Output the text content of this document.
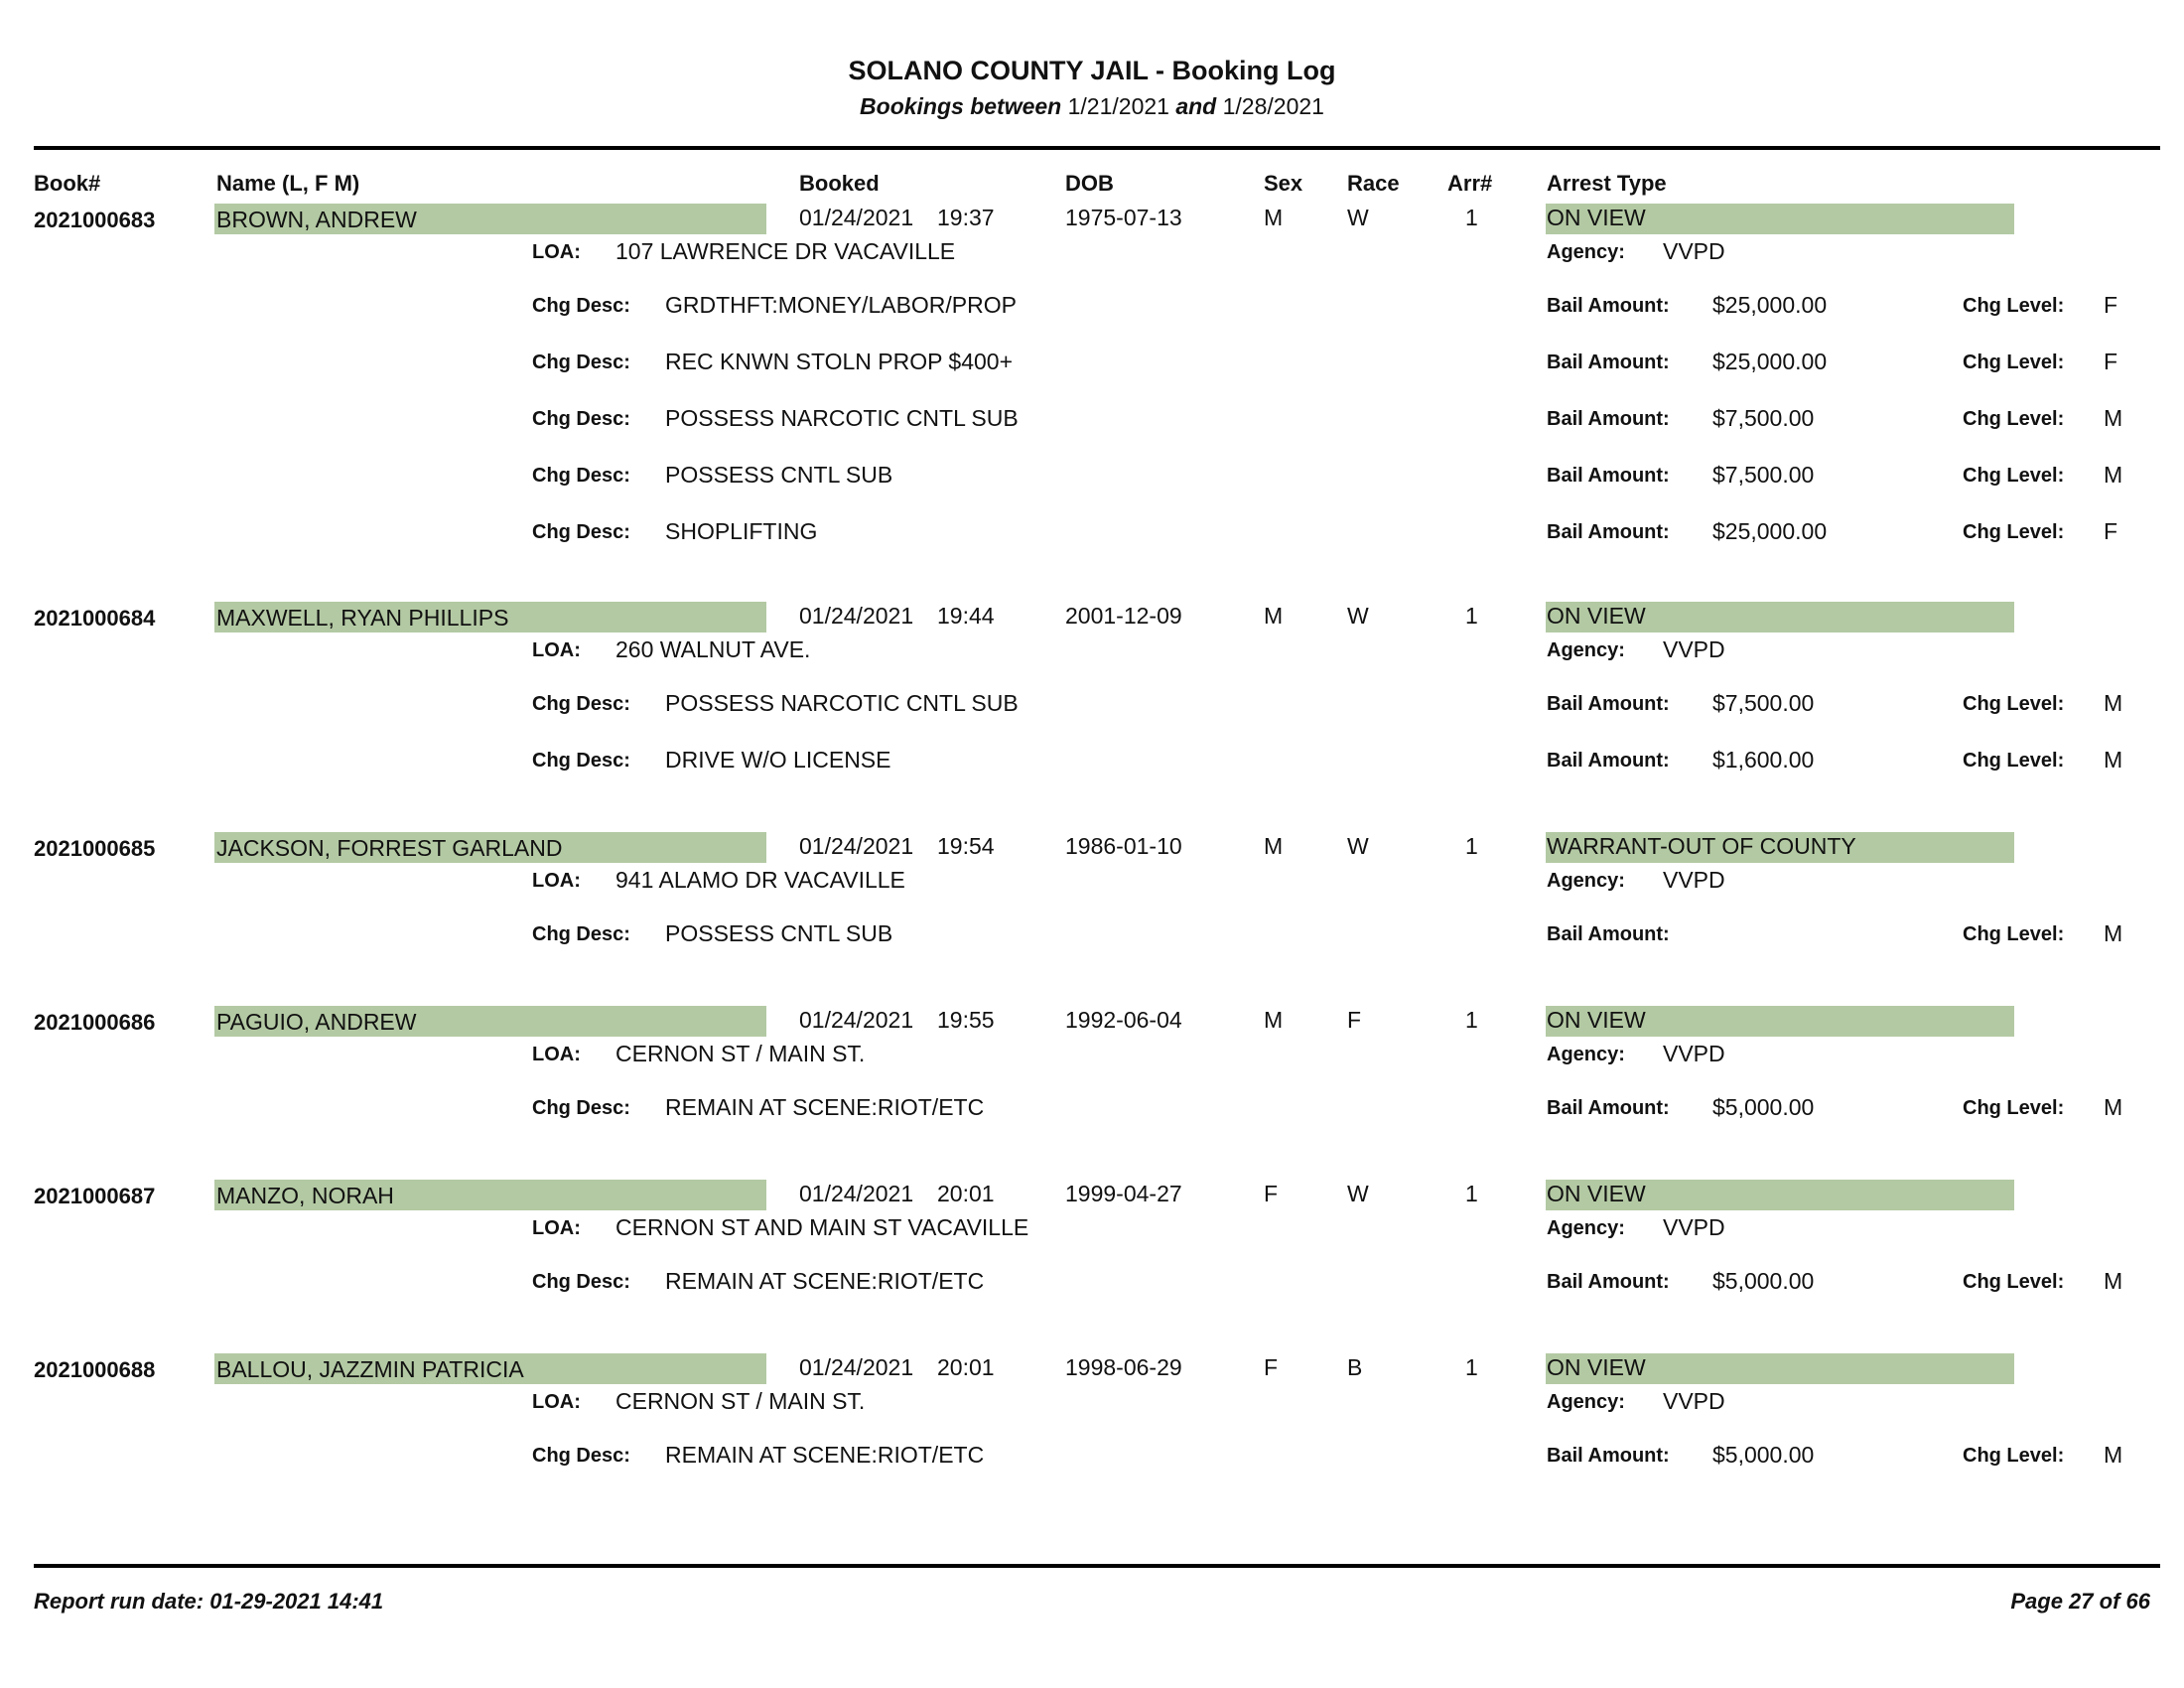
SOLANO COUNTY JAIL - Booking Log
Bookings between 1/21/2021 and 1/28/2021
Book#	Name (L, F M)	Booked	DOB	Sex Race Arr# Arrest Type
2021000683	BROWN, ANDREW	01/24/2021 19:37	1975-07-13	M	W	1	ON VIEW
LOA: 107 LAWRENCE DR VACAVILLE	Agency: VVPD
Chg Desc: GRDTHFT:MONEY/LABOR/PROP	Bail Amount: $25,000.00	Chg Level: F
Chg Desc: REC KNWN STOLN PROP $400+	Bail Amount: $25,000.00	Chg Level: F
Chg Desc: POSSESS NARCOTIC CNTL SUB	Bail Amount: $7,500.00	Chg Level: M
Chg Desc: POSSESS CNTL SUB	Bail Amount: $7,500.00	Chg Level: M
Chg Desc: SHOPLIFTING	Bail Amount: $25,000.00	Chg Level: F
2021000684	MAXWELL, RYAN PHILLIPS	01/24/2021 19:44	2001-12-09	M	W	1	ON VIEW
LOA: 260 WALNUT AVE.	Agency: VVPD
Chg Desc: POSSESS NARCOTIC CNTL SUB	Bail Amount: $7,500.00	Chg Level: M
Chg Desc: DRIVE W/O LICENSE	Bail Amount: $1,600.00	Chg Level: M
2021000685	JACKSON, FORREST GARLAND	01/24/2021 19:54	1986-01-10	M	W	1	WARRANT-OUT OF COUNTY
LOA: 941 ALAMO DR VACAVILLE	Agency: VVPD
Chg Desc: POSSESS CNTL SUB	Bail Amount:	Chg Level: M
2021000686	PAGUIO, ANDREW	01/24/2021 19:55	1992-06-04	M	F	1	ON VIEW
LOA: CERNON ST / MAIN ST.	Agency: VVPD
Chg Desc: REMAIN AT SCENE:RIOT/ETC	Bail Amount: $5,000.00	Chg Level: M
2021000687	MANZO, NORAH	01/24/2021 20:01	1999-04-27	F	W	1	ON VIEW
LOA: CERNON ST AND MAIN ST VACAVILLE	Agency: VVPD
Chg Desc: REMAIN AT SCENE:RIOT/ETC	Bail Amount: $5,000.00	Chg Level: M
2021000688	BALLOU, JAZZMIN PATRICIA	01/24/2021 20:01	1998-06-29	F	B	1	ON VIEW
LOA: CERNON ST / MAIN ST.	Agency: VVPD
Chg Desc: REMAIN AT SCENE:RIOT/ETC	Bail Amount: $5,000.00	Chg Level: M
Report run date: 01-29-2021 14:41	Page 27 of 66
